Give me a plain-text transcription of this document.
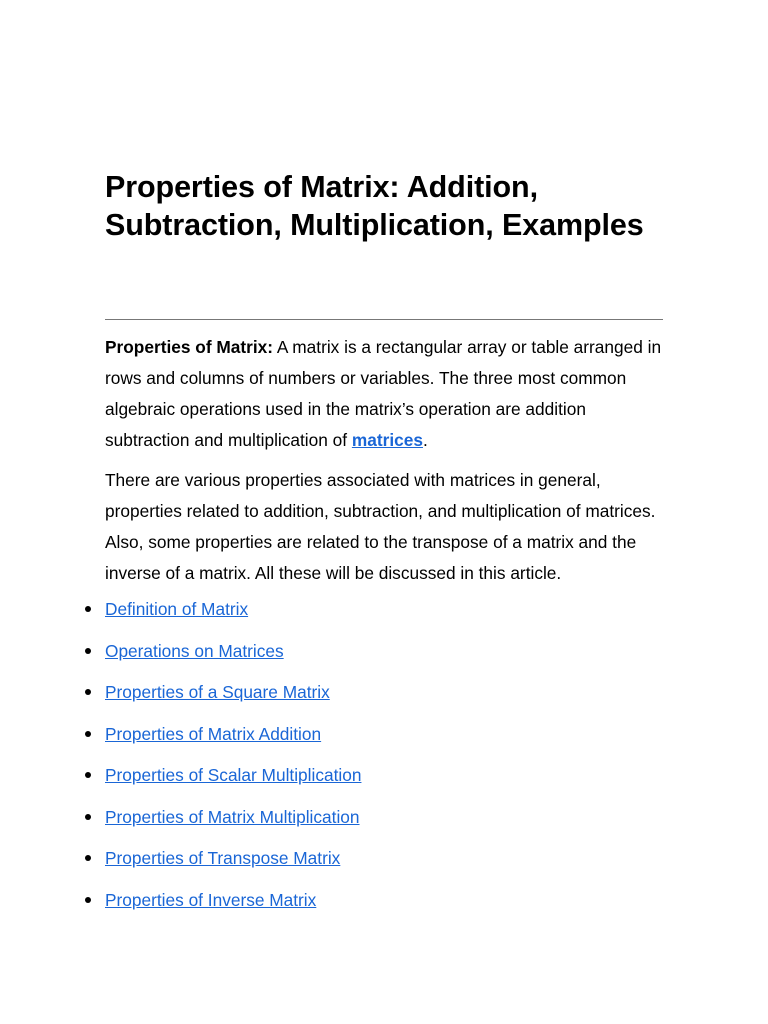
Properties of Matrix: Addition, Subtraction, Multiplication, Examples

Properties of Matrix: A matrix is a rectangular array or table arranged in rows and columns of numbers or variables. The three most common algebraic operations used in the matrix’s operation are addition subtraction and multiplication of matrices.

There are various properties associated with matrices in general, properties related to addition, subtraction, and multiplication of matrices. Also, some properties are related to the transpose of a matrix and the inverse of a matrix. All these will be discussed in this article.

Definition of Matrix
Operations on Matrices
Properties of a Square Matrix
Properties of Matrix Addition
Properties of Scalar Multiplication
Properties of Matrix Multiplication
Properties of Transpose Matrix
Properties of Inverse Matrix
